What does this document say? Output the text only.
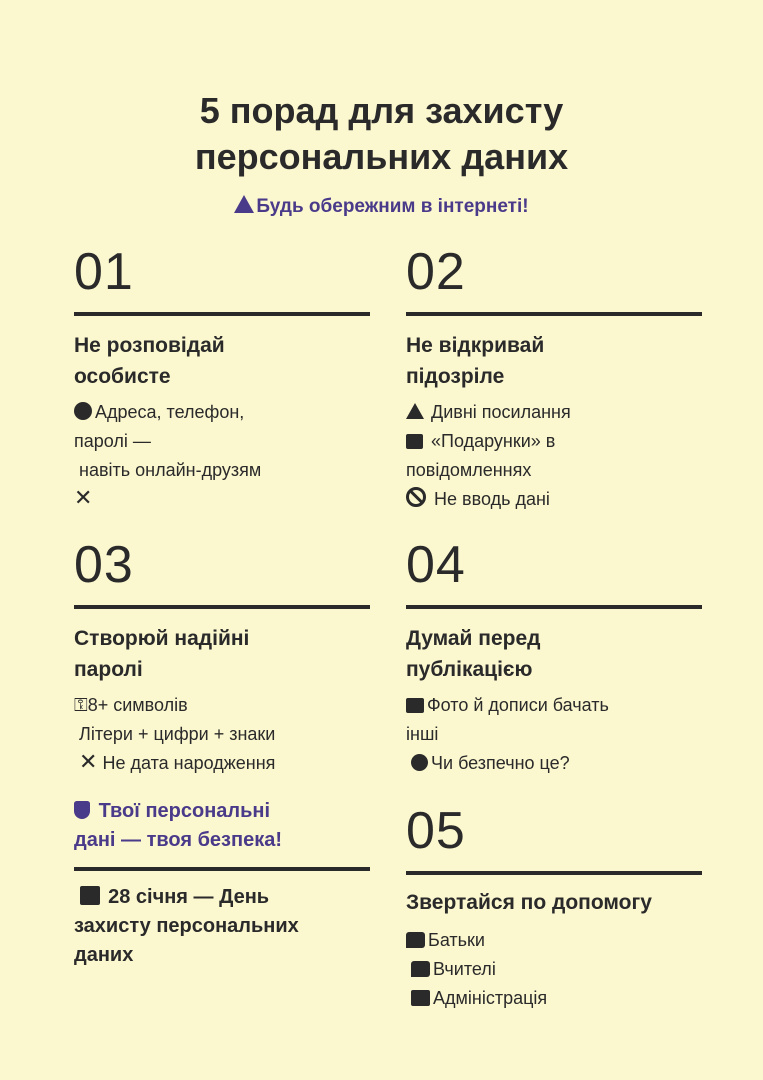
5 порад для захисту
персональних даних
Будь обережним в інтернеті!
01
Не розповідай
особисте
Адреса, телефон,
паролі —
навіть онлайн-друзям
✕
02
Не відкривай
підозріле
Дивні посилання
«Подарунки» в
повідомленнях
Не вводь дані
03
Створюй надійні
паролі
⚿8+ символів
Літери + цифри + знаки
✕ Не дата народження
04
Думай перед
публікацією
Фото й дописи бачать
інші
Чи безпечно це?
Твої персональні
дані — твоя безпека!
28 січня — День
захисту персональних
даних
05
Звертайся по допомогу
Батьки
Вчителі
Адміністрація
